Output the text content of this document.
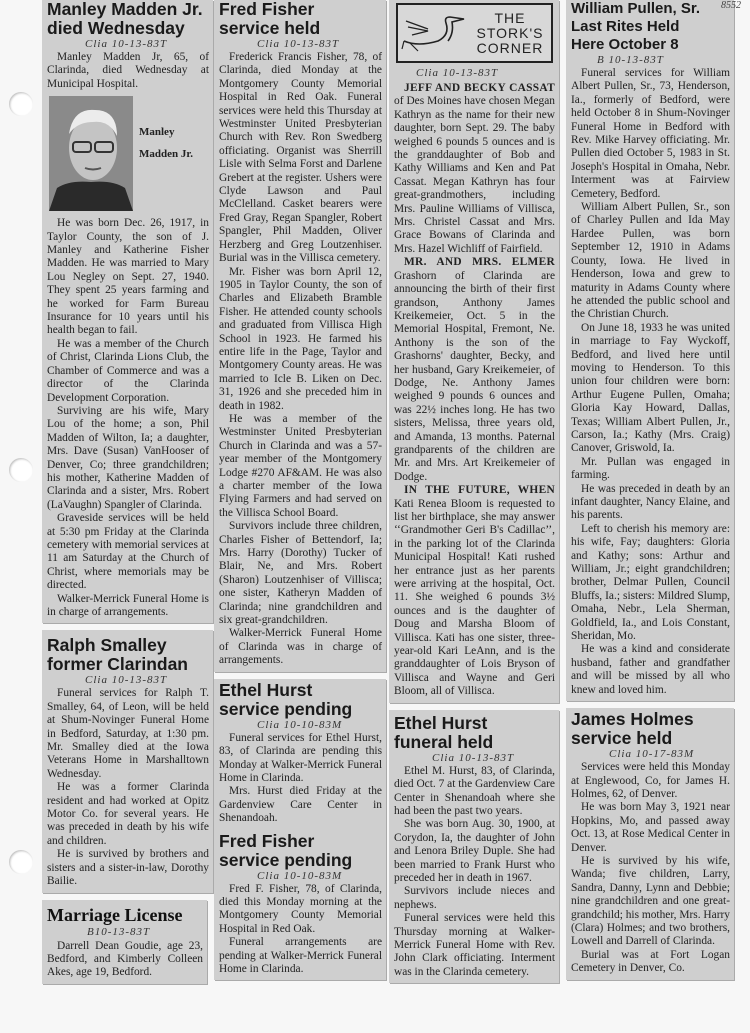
8552
Manley Madden Jr.
died Wednesday
Clia 10-13-83T

Manley Madden Jr, 65, of Clarinda, died Wednesday at Municipal Hospital.

Manley
Madden Jr.

He was born Dec. 26, 1917, in Taylor County, the son of J. Manley and Katherine Fisher Madden. He was married to Mary Lou Negley on Sept. 27, 1940. They spent 25 years farming and he worked for Farm Bureau Insurance for 10 years until his health began to fail.

He was a member of the Church of Christ, Clarinda Lions Club, the Chamber of Commerce and was a director of the Clarinda Development Corporation.

Surviving are his wife, Mary Lou of the home; a son, Phil Madden of Wilton, Ia; a daughter, Mrs. Dave (Susan) VanHooser of Denver, Co; three grandchildren; his mother, Katherine Madden of Clarinda and a sister, Mrs. Robert (LaVaughn) Spangler of Clarinda.

Graveside services will be held at 5:30 pm Friday at the Clarinda cemetery with memorial services at 11 am Saturday at the Church of Christ, where memorials may be directed.

Walker-Merrick Funeral Home is in charge of arrangements.

Ralph Smalley
former Clarindan
Clia 10-13-83T

Funeral services for Ralph T. Smalley, 64, of Leon, will be held at Shum-Novinger Funeral Home in Bedford, Saturday, at 1:30 pm. Mr. Smalley died at the Iowa Veterans Home in Marshalltown Wednesday.

He was a former Clarinda resident and had worked at Opitz Motor Co. for several years. He was preceded in death by his wife and children.

He is survived by brothers and sisters and a sister-in-law, Dorothy Bailie.

Marriage License
B10-13-83T

Darrell Dean Goudie, age 23, Bedford, and Kimberly Colleen Akes, age 19, Bedford.

Fred Fisher
service held
Clia 10-13-83T

Frederick Francis Fisher, 78, of Clarinda, died Monday at the Montgomery County Memorial Hospital in Red Oak. Funeral services were held this Thursday at Westminster United Presbyterian Church with Rev. Ron Swedberg officiating. Organist was Sherrill Lisle with Selma Forst and Darlene Grebert at the register. Ushers were Clyde Lawson and Paul McClelland. Casket bearers were Fred Gray, Regan Spangler, Robert Spangler, Phil Madden, Oliver Herzberg and Greg Loutzenhiser. Burial was in the Villisca cemetery.

Mr. Fisher was born April 12, 1905 in Taylor County, the son of Charles and Elizabeth Bramble Fisher. He attended county schools and graduated from Villisca High School in 1923. He farmed his entire life in the Page, Taylor and Montgomery County areas. He was married to Icle B. Liken on Dec. 31, 1926 and she preceded him in death in 1982.

He was a member of the Westminster United Presbyterian Church in Clarinda and was a 57-year member of the Montgomery Lodge #270 AF&AM. He was also a charter member of the Iowa Flying Farmers and had served on the Villisca School Board.

Survivors include three children, Charles Fisher of Bettendorf, Ia; Mrs. Harry (Dorothy) Tucker of Blair, Ne, and Mrs. Robert (Sharon) Loutzenhiser of Villisca; one sister, Katheryn Madden of Clarinda; nine grandchildren and six great-grandchildren.

Walker-Merrick Funeral Home of Clarinda was in charge of arrangements.

Ethel Hurst
service pending
Clia 10-10-83M

Funeral services for Ethel Hurst, 83, of Clarinda are pending this Monday at Walker-Merrick Funeral Home in Clarinda.

Mrs. Hurst died Friday at the Gardenview Care Center in Shenandoah.

Fred Fisher
service pending
Clia 10-10-83M

Fred F. Fisher, 78, of Clarinda, died this Monday morning at the Montgomery County Memorial Hospital in Red Oak.

Funeral arrangements are pending at Walker-Merrick Funeral Home in Clarinda.

THE
STORK'S
CORNER
Clia 10-13-83T

JEFF AND BECKY CASSAT of Des Moines have chosen Megan Kathryn as the name for their new daughter, born Sept. 29. The baby weighed 6 pounds 5 ounces and is the granddaughter of Bob and Kathy Williams and Ken and Pat Cassat. Megan Kathryn has four great-grandmothers, including Mrs. Pauline Williams of Villisca, Mrs. Christel Cassat and Mrs. Grace Bowans of Clarinda and Mrs. Hazel Wichliff of Fairfield.

MR. AND MRS. ELMER Grashorn of Clarinda are announcing the birth of their first grandson, Anthony James Kreikemeier, Oct. 5 in the Memorial Hospital, Fremont, Ne. Anthony is the son of the Grashorns' daughter, Becky, and her husband, Gary Kreikemeier, of Dodge, Ne. Anthony James weighed 9 pounds 6 ounces and was 22½ inches long. He has two sisters, Melissa, three years old, and Amanda, 13 months. Paternal grandparents of the children are Mr. and Mrs. Art Kreikemeier of Dodge.

IN THE FUTURE, WHEN Kati Renea Bloom is requested to list her birthplace, she may answer ‘‘Grandmother Geri B's Cadillac’’, in the parking lot of the Clarinda Municipal Hospital! Kati rushed her entrance just as her parents were arriving at the hospital, Oct. 11. She weighed 6 pounds 3½ ounces and is the daughter of Doug and Marsha Bloom of Villisca. Kati has one sister, three-year-old Kari LeAnn, and is the granddaughter of Lois Bryson of Villisca and Wayne and Geri Bloom, all of Villisca.

Ethel Hurst
funeral held
Clia 10-13-83T

Ethel M. Hurst, 83, of Clarinda, died Oct. 7 at the Gardenview Care Center in Shenandoah where she had been the past two years.

She was born Aug. 30, 1900, at Corydon, Ia, the daughter of John and Lenora Briley Duple. She had been married to Frank Hurst who preceded her in death in 1967.

Survivors include nieces and nephews.

Funeral services were held this Thursday morning at Walker-Merrick Funeral Home with Rev. John Clark officiating. Interment was in the Clarinda cemetery.

William Pullen, Sr.
Last Rites Held
Here October 8
B 10-13-83T

Funeral services for William Albert Pullen, Sr., 73, Henderson, Ia., formerly of Bedford, were held October 8 in Shum-Novinger Funeral Home in Bedford with Rev. Mike Harvey officiating. Mr. Pullen died October 5, 1983 in St. Joseph's Hospital in Omaha, Nebr. Interment was at Fairview Cemetery, Bedford.

William Albert Pullen, Sr., son of Charley Pullen and Ida May Hardee Pullen, was born September 12, 1910 in Adams County, Iowa. He lived in Henderson, Iowa and grew to maturity in Adams County where he attended the public school and the Christian Church.

On June 18, 1933 he was united in marriage to Fay Wyckoff, Bedford, and lived here until moving to Henderson. To this union four children were born: Arthur Eugene Pullen, Omaha; Gloria Kay Howard, Dallas, Texas; William Albert Pullen, Jr., Carson, Ia.; Kathy (Mrs. Craig) Canover, Griswold, Ia.

Mr. Pullan was engaged in farming.

He was preceded in death by an infant daughter, Nancy Elaine, and his parents.

Left to cherish his memory are: his wife, Fay; daughters: Gloria and Kathy; sons: Arthur and William, Jr.; eight grandchildren; brother, Delmar Pullen, Council Bluffs, Ia.; sisters: Mildred Slump, Omaha, Nebr., Lela Sherman, Goldfield, Ia., and Lois Constant, Sheridan, Mo.

He was a kind and considerate husband, father and grandfather and will be missed by all who knew and loved him.

James Holmes
service held
Clia 10-17-83M

Services were held this Monday at Englewood, Co, for James H. Holmes, 62, of Denver.

He was born May 3, 1921 near Hopkins, Mo, and passed away Oct. 13, at Rose Medical Center in Denver.

He is survived by his wife, Wanda; five children, Larry, Sandra, Danny, Lynn and Debbie; nine grandchildren and one great-grandchild; his mother, Mrs. Harry (Clara) Holmes; and two brothers, Lowell and Darrell of Clarinda.

Burial was at Fort Logan Cemetery in Denver, Co.
